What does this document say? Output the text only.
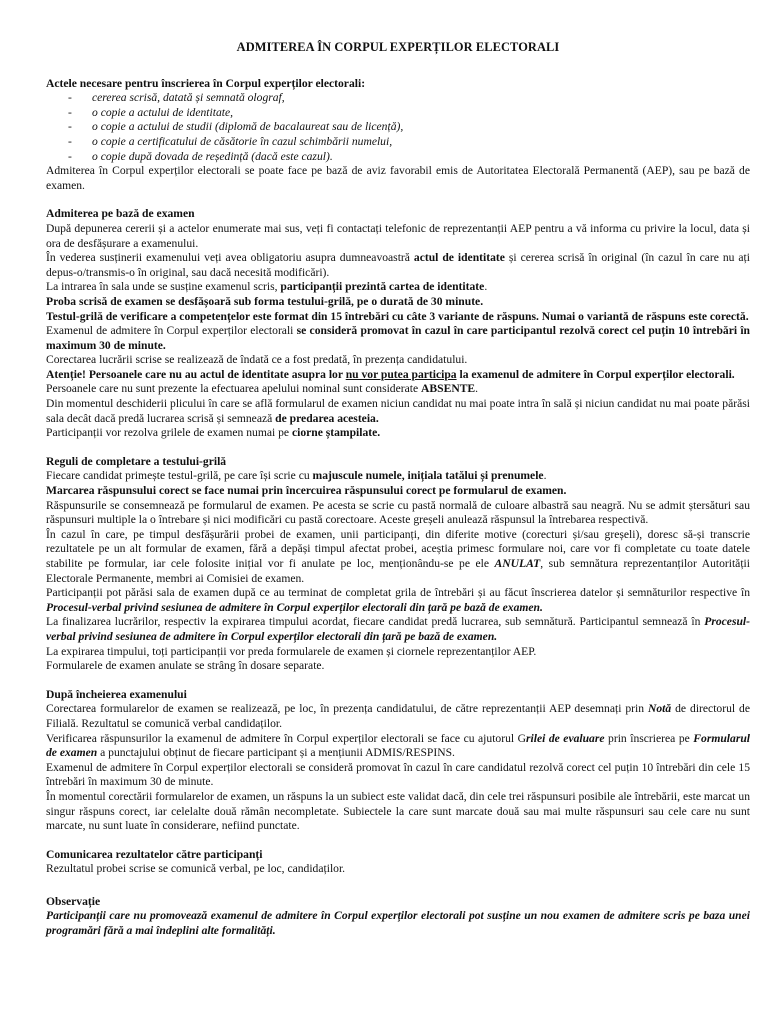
ADMITEREA ÎN CORPUL EXPERȚILOR ELECTORALI

Actele necesare pentru înscrierea în Corpul experților electorali:

- cererea scrisă, datată și semnată olograf,
- o copie a actului de identitate,
- o copie a actului de studii (diplomă de bacalaureat sau de licență),
- o copie a certificatului de căsătorie în cazul schimbării numelui,
- o copie după dovada de reședință (dacă este cazul).

Admiterea în Corpul experților electorali se poate face pe bază de aviz favorabil emis de Autoritatea Electorală Permanentă (AEP), sau pe bază de examen.

Admiterea pe bază de examen

După depunerea cererii și a actelor enumerate mai sus, veți fi contactați telefonic de reprezentanții AEP pentru a vă informa cu privire la locul, data și ora de desfășurare a examenului.

În vederea susținerii examenului veți avea obligatoriu asupra dumneavoastră actul de identitate și cererea scrisă în original (în cazul în care nu ați depus-o/transmis-o în original, sau dacă necesită modificări).

La intrarea în sala unde se susține examenul scris, participanții prezintă cartea de identitate.

Proba scrisă de examen se desfășoară sub forma testului-grilă, pe o durată de 30 minute.

Testul-grilă de verificare a competențelor este format din 15 întrebări cu câte 3 variante de răspuns. Numai o variantă de răspuns este corectă.

Examenul de admitere în Corpul experților electorali se consideră promovat în cazul în care participantul rezolvă corect cel puțin 10 întrebări în maximum 30 de minute.

Corectarea lucrării scrise se realizează de îndată ce a fost predată, în prezența candidatului.

Atenție! Persoanele care nu au actul de identitate asupra lor nu vor putea participa la examenul de admitere în Corpul experților electorali.

Persoanele care nu sunt prezente la efectuarea apelului nominal sunt considerate ABSENTE.

Din momentul deschiderii plicului în care se află formularul de examen niciun candidat nu mai poate intra în sală și niciun candidat nu mai poate părăsi sala decât dacă predă lucrarea scrisă și semnează de predarea acesteia.

Participanții vor rezolva grilele de examen numai pe ciorne ștampilate.

Reguli de completare a testului-grilă

Fiecare candidat primește testul-grilă, pe care își scrie cu majuscule numele, inițiala tatălui și prenumele.

Marcarea răspunsului corect se face numai prin încercuirea răspunsului corect pe formularul de examen.

Răspunsurile se consemnează pe formularul de examen. Pe acesta se scrie cu pastă normală de culoare albastră sau neagră. Nu se admit ștersături sau răspunsuri multiple la o întrebare și nici modificări cu pastă corectoare. Aceste greșeli anulează răspunsul la întrebarea respectivă.

În cazul în care, pe timpul desfășurării probei de examen, unii participanți, din diferite motive (corecturi și/sau greșeli), doresc să-și transcrie rezultatele pe un alt formular de examen, fără a depăși timpul afectat probei, aceștia primesc formulare noi, care vor fi completate cu toate datele stabilite pe formular, iar cele folosite inițial vor fi anulate pe loc, menționându-se pe ele ANULAT, sub semnătura reprezentanților Autorității Electorale Permanente, membri ai Comisiei de examen.

Participanții pot părăsi sala de examen după ce au terminat de completat grila de întrebări și au făcut înscrierea datelor și semnăturilor respective în Procesul-verbal privind sesiunea de admitere în Corpul experților electorali din țară pe bază de examen.

La finalizarea lucrărilor, respectiv la expirarea timpului acordat, fiecare candidat predă lucrarea, sub semnătură. Participantul semnează în Procesul-verbal privind sesiunea de admitere în Corpul experților electorali din țară pe bază de examen.

La expirarea timpului, toți participanții vor preda formularele de examen și ciornele reprezentanților AEP.

Formularele de examen anulate se strâng în dosare separate.

După încheierea examenului

Corectarea formularelor de examen se realizează, pe loc, în prezența candidatului, de către reprezentanții AEP desemnați prin Notă de directorul de Filială. Rezultatul se comunică verbal candidaților.

Verificarea răspunsurilor la examenul de admitere în Corpul experților electorali se face cu ajutorul Grilei de evaluare prin înscrierea pe Formularul de examen a punctajului obținut de fiecare participant și a mențiunii ADMIS/RESPINS.

Examenul de admitere în Corpul experților electorali se consideră promovat în cazul în care candidatul rezolvă corect cel puțin 10 întrebări din cele 15 întrebări în maximum 30 de minute.

În momentul corectării formularelor de examen, un răspuns la un subiect este validat dacă, din cele trei răspunsuri posibile ale întrebării, este marcat un singur răspuns corect, iar celelalte două rămân necompletate. Subiectele la care sunt marcate două sau mai multe răspunsuri sau cele care nu sunt marcate, nu sunt luate în considerare, nefiind punctate.

Comunicarea rezultatelor către participanți

Rezultatul probei scrise se comunică verbal, pe loc, candidaților.

Observație

Participanții care nu promovează examenul de admitere în Corpul experților electorali pot susține un nou examen de admitere scris pe baza unei programări fără a mai îndeplini alte formalități.
